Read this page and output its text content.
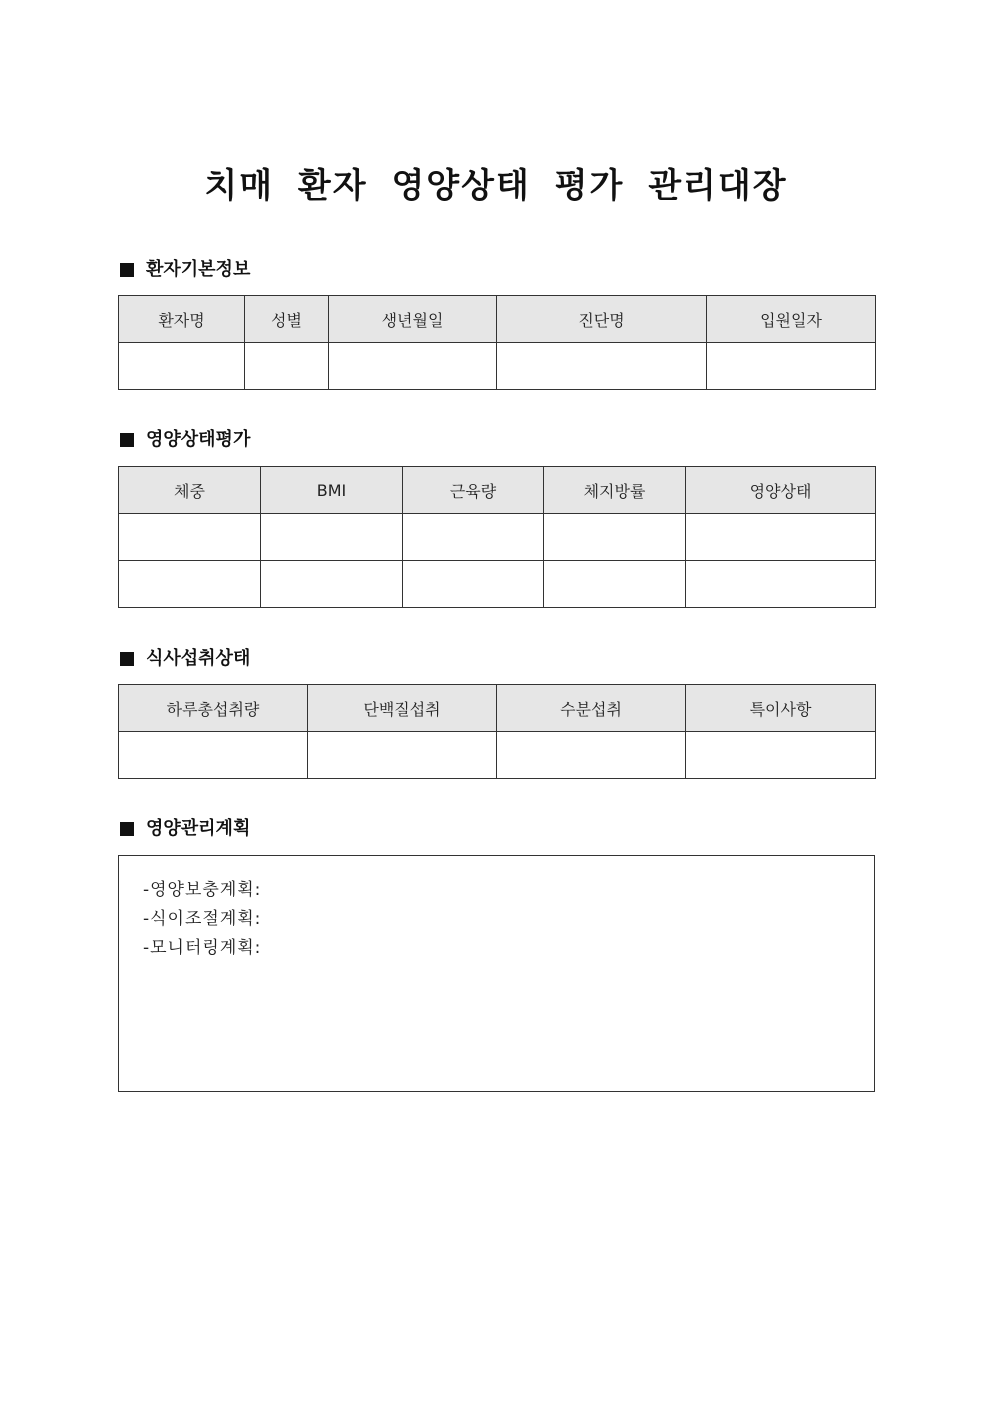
치매 환자 영양상태 평가 관리대장
환자기본정보
환자명	성별	생년월일	진단명	입원일자

영양상태평가
체중	BMI	근육량	체지방률	영양상태

식사섭취상태
하루총섭취량	단백질섭취	수분섭취	특이사항

영양관리계획
-영양보충계획:
-식이조절계획:
-모니터링계획:
